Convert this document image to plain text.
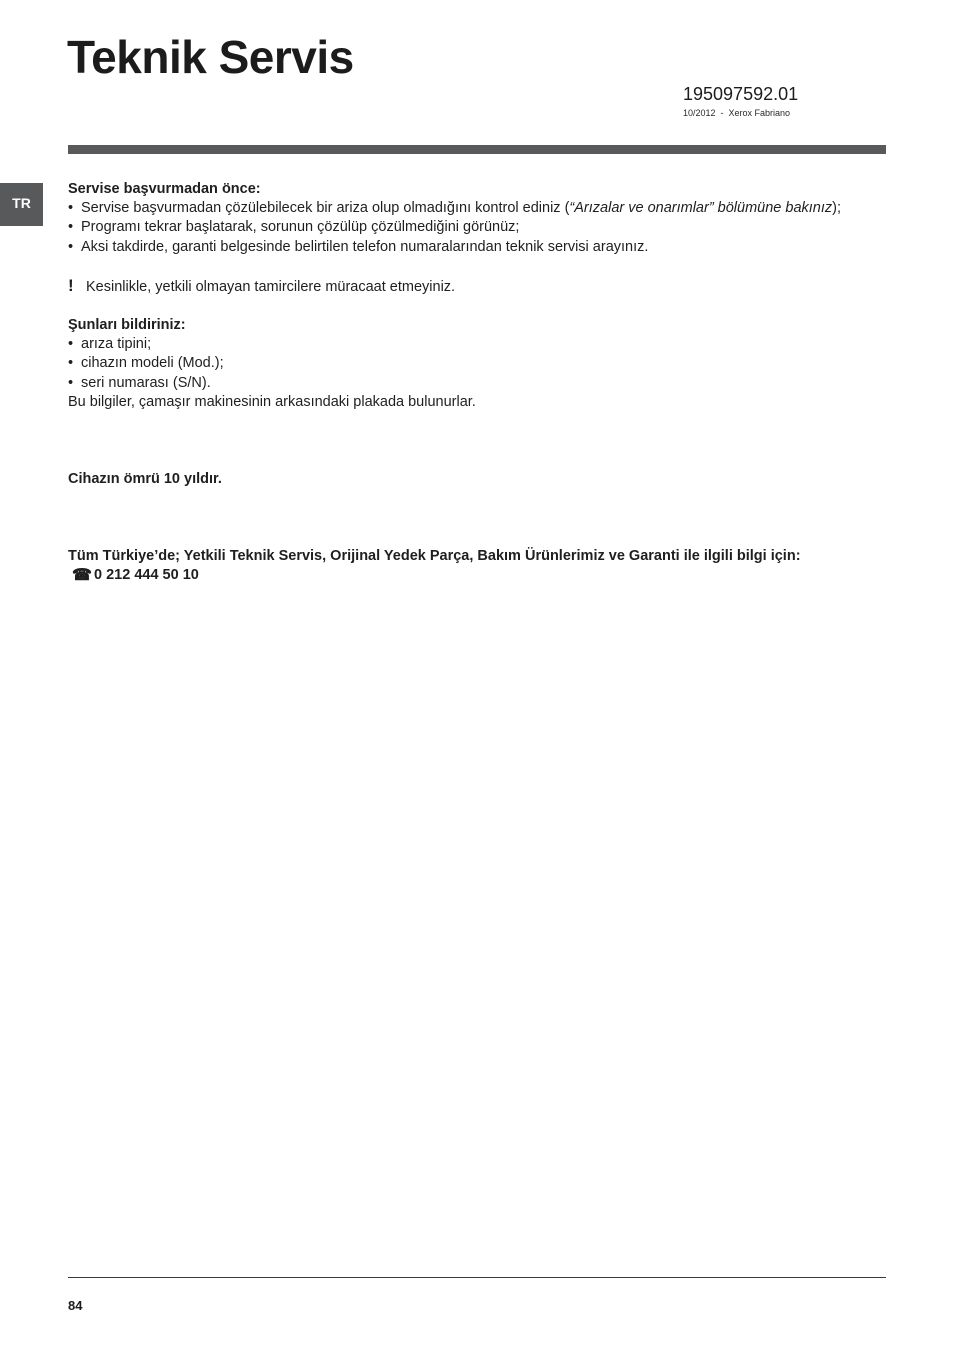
Teknik Servis
195097592.01
10/2012  -  Xerox Fabriano
TR
Servise başvurmadan önce:
• Servise başvurmadan çözülebilecek bir ariza olup olmadığını kontrol ediniz (“Arızalar ve onarımlar” bölümüne bakınız);
• Programı tekrar başlatarak, sorunun çözülüp çözülmediğini görünüz;
• Aksi takdirde, garanti belgesinde belirtilen telefon numaralarından teknik servisi arayınız.
! Kesinlikle, yetkili olmayan tamircilere müracaat etmeyiniz.
Şunları bildiriniz:
• arıza tipini;
• cihazın modeli (Mod.);
• seri numarası (S/N).
Bu bilgiler, çamaşır makinesinin arkasındaki plakada bulunurlar.
Cihazın ömrü 10 yıldır.
Tüm Türkiye’de; Yetkili Teknik Servis, Orijinal Yedek Parça, Bakım Ürünlerimiz ve Garanti ile ilgili bilgi için:
☎ 0 212 444 50 10
84
